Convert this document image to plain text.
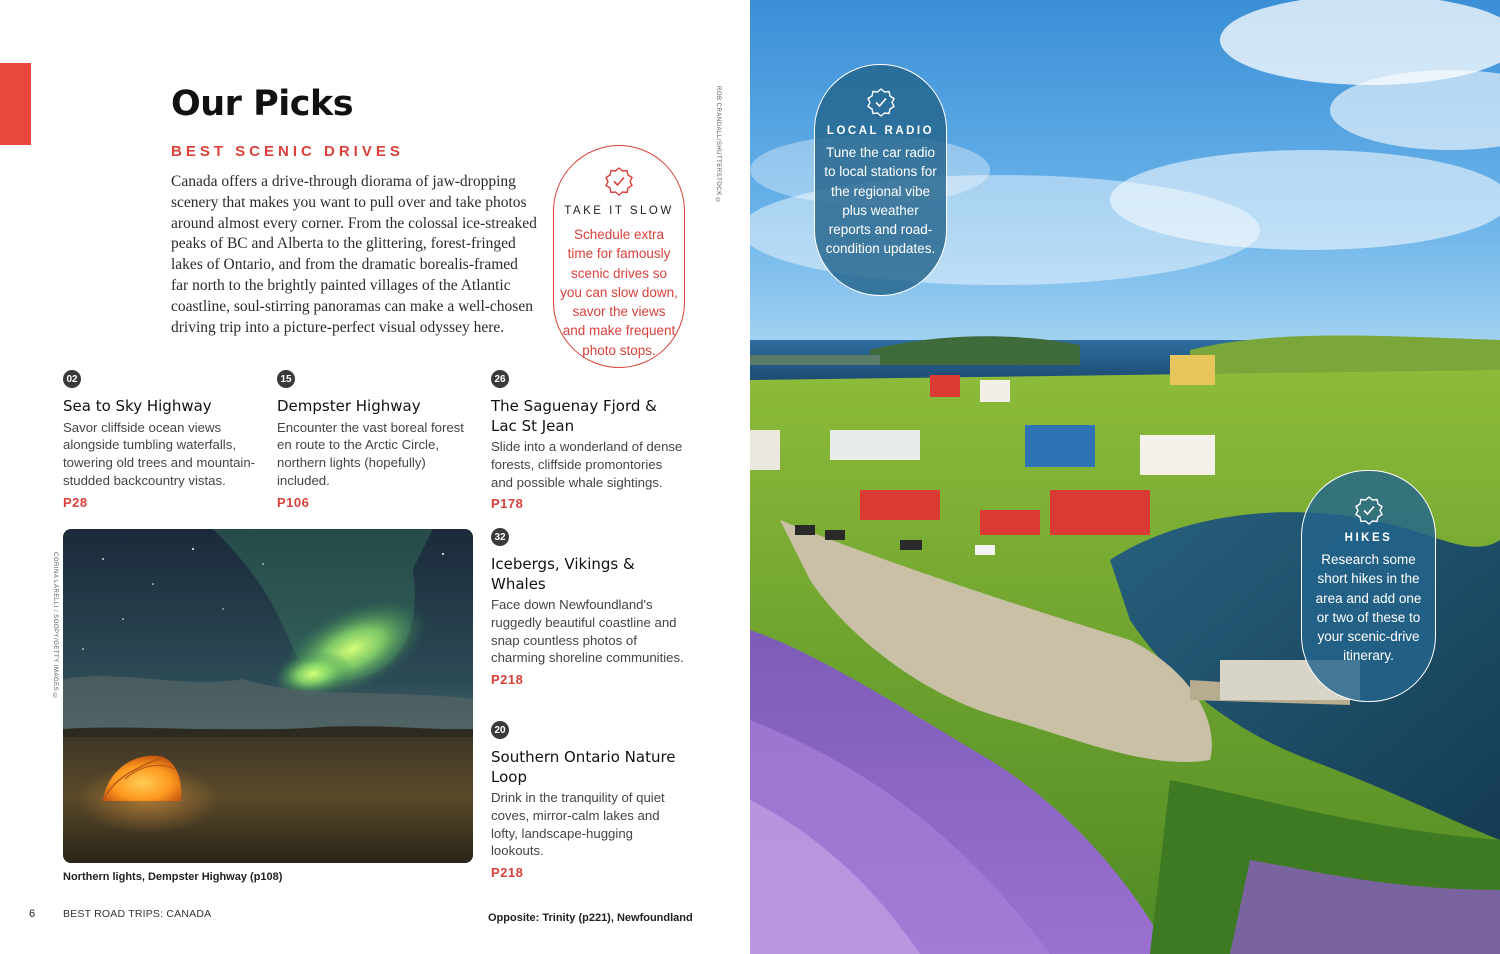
Our Picks
BEST SCENIC DRIVES

Canada offers a drive-through diorama of jaw-dropping scenery that makes you want to pull over and take photos around almost every corner. From the colossal ice-streaked peaks of BC and Alberta to the glittering, forest-fringed lakes of Ontario, and from the dramatic borealis-framed far north to the brightly painted villages of the Atlantic coastline, soul-stirring panoramas can make a well-chosen driving trip into a picture-perfect visual odyssey here.

ROB CRANDALL/SHUTTERSTOCK ©
TAKE IT SLOW
Schedule extra time for famously scenic drives so you can slow down, savor the views and make frequent photo stops.
02
Sea to Sky Highway

Savor cliffside ocean views alongside tumbling waterfalls, towering old trees and mountain-studded backcountry vistas.

P28
15
Dempster Highway

Encounter the vast boreal forest en route to the Arctic Circle, northern lights (hopefully) included.

P106
26
The Saguenay Fjord & Lac St Jean

Slide into a wonderland of dense forests, cliffside promontories and possible whale sightings.

P178
32
Icebergs, Vikings & Whales

Face down Newfoundland's ruggedly beautiful coastline and snap countless photos of charming shoreline communities.

P218
20
Southern Ontario Nature Loop

Drink in the tranquility of quiet coves, mirror-calm lakes and lofty, landscape-hugging lookouts.

P218
CORINA LARELLI / SOOPY/GETTY IMAGES ©
Northern lights, Dempster Highway (p108)
6	BEST ROAD TRIPS: CANADA	Opposite: Trinity (p221), Newfoundland
LOCAL RADIO
Tune the car radio to local stations for the regional vibe plus weather reports and road-condition updates.
HIKES
Research some short hikes in the area and add one or two of these to your scenic-drive itinerary.
